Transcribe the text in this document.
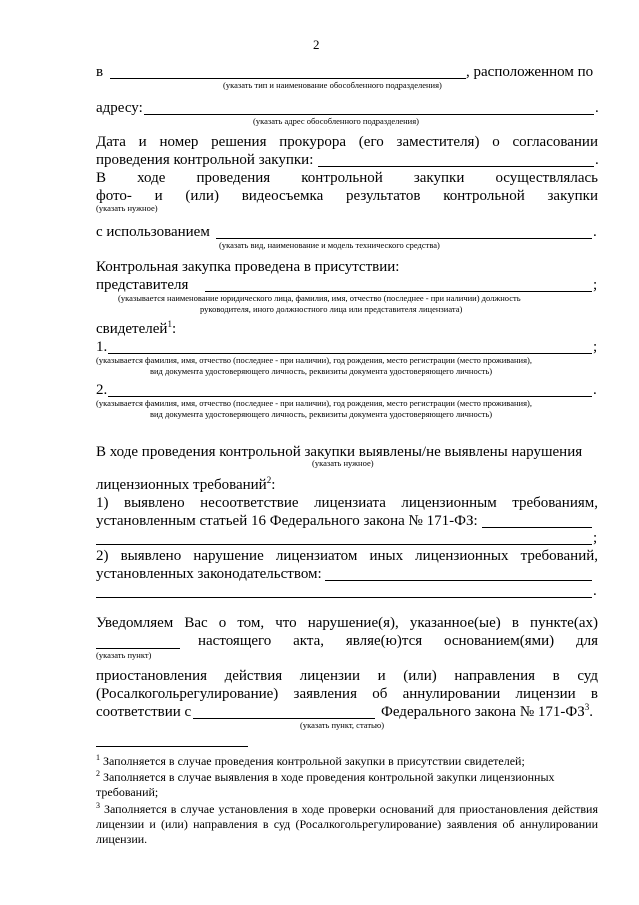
2
в	, расположенном по
(указать тип и наименование обособленного подразделения)
адресу:	.
(указать адрес обособленного подразделения)
Дата и номер решения прокурора (его заместителя) о согласовании
проведения контрольной закупки:	.
В ходе проведения контрольной закупки осуществлялась
фото- и (или) видеосъемка результатов контрольной закупки
(указать нужное)
с использованием	.
(указать вид, наименование и модель технического средства)
Контрольная закупка проведена в присутствии:
представителя	;
(указывается наименование юридического лица, фамилия, имя, отчество (последнее - при наличии) должность
руководителя, иного должностного лица или представителя лицензиата)
свидетелей$^1$:
1.	;
(указывается фамилия, имя, отчество (последнее - при наличии), год рождения, место регистрации (место проживания),
вид документа удостоверяющего личность, реквизиты документа удостоверяющего личность)
2.	.
(указывается фамилия, имя, отчество (последнее - при наличии), год рождения, место регистрации (место проживания),
вид документа удостоверяющего личность, реквизиты документа удостоверяющего личность)
В ходе проведения контрольной закупки выявлены/не выявлены нарушения
(указать нужное)
лицензионных требований$^2$:
1) выявлено несоответствие лицензиата лицензионным требованиям,
установленным статьей 16 Федерального закона № 171-ФЗ:
;
2) выявлено нарушение лицензиатом иных лицензионных требований,
установленных законодательством:
.
Уведомляем Вас о том, что нарушение(я), указанное(ые) в пункте(ах)
настоящего акта, являе(ю)тся основанием(ями) для
(указать пункт)
приостановления действия лицензии и (или) направления в суд
(Росалкогольрегулирование) заявления об аннулировании лицензии в
соответствии с	Федерального закона № $171-ФЗ^3$.
(указать пункт, статью)
$^1$ Заполняется в случае проведения контрольной закупки в присутствии свидетелей;
$^2$ Заполняется в случае выявления в ходе проведения контрольной закупки лицензионных требований;
$^3$ Заполняется в случае установления в ходе проверки оснований для приостановления действия лицензии и (или) направления в суд (Росалкогольрегулирование) заявления об аннулировании лицензии.
